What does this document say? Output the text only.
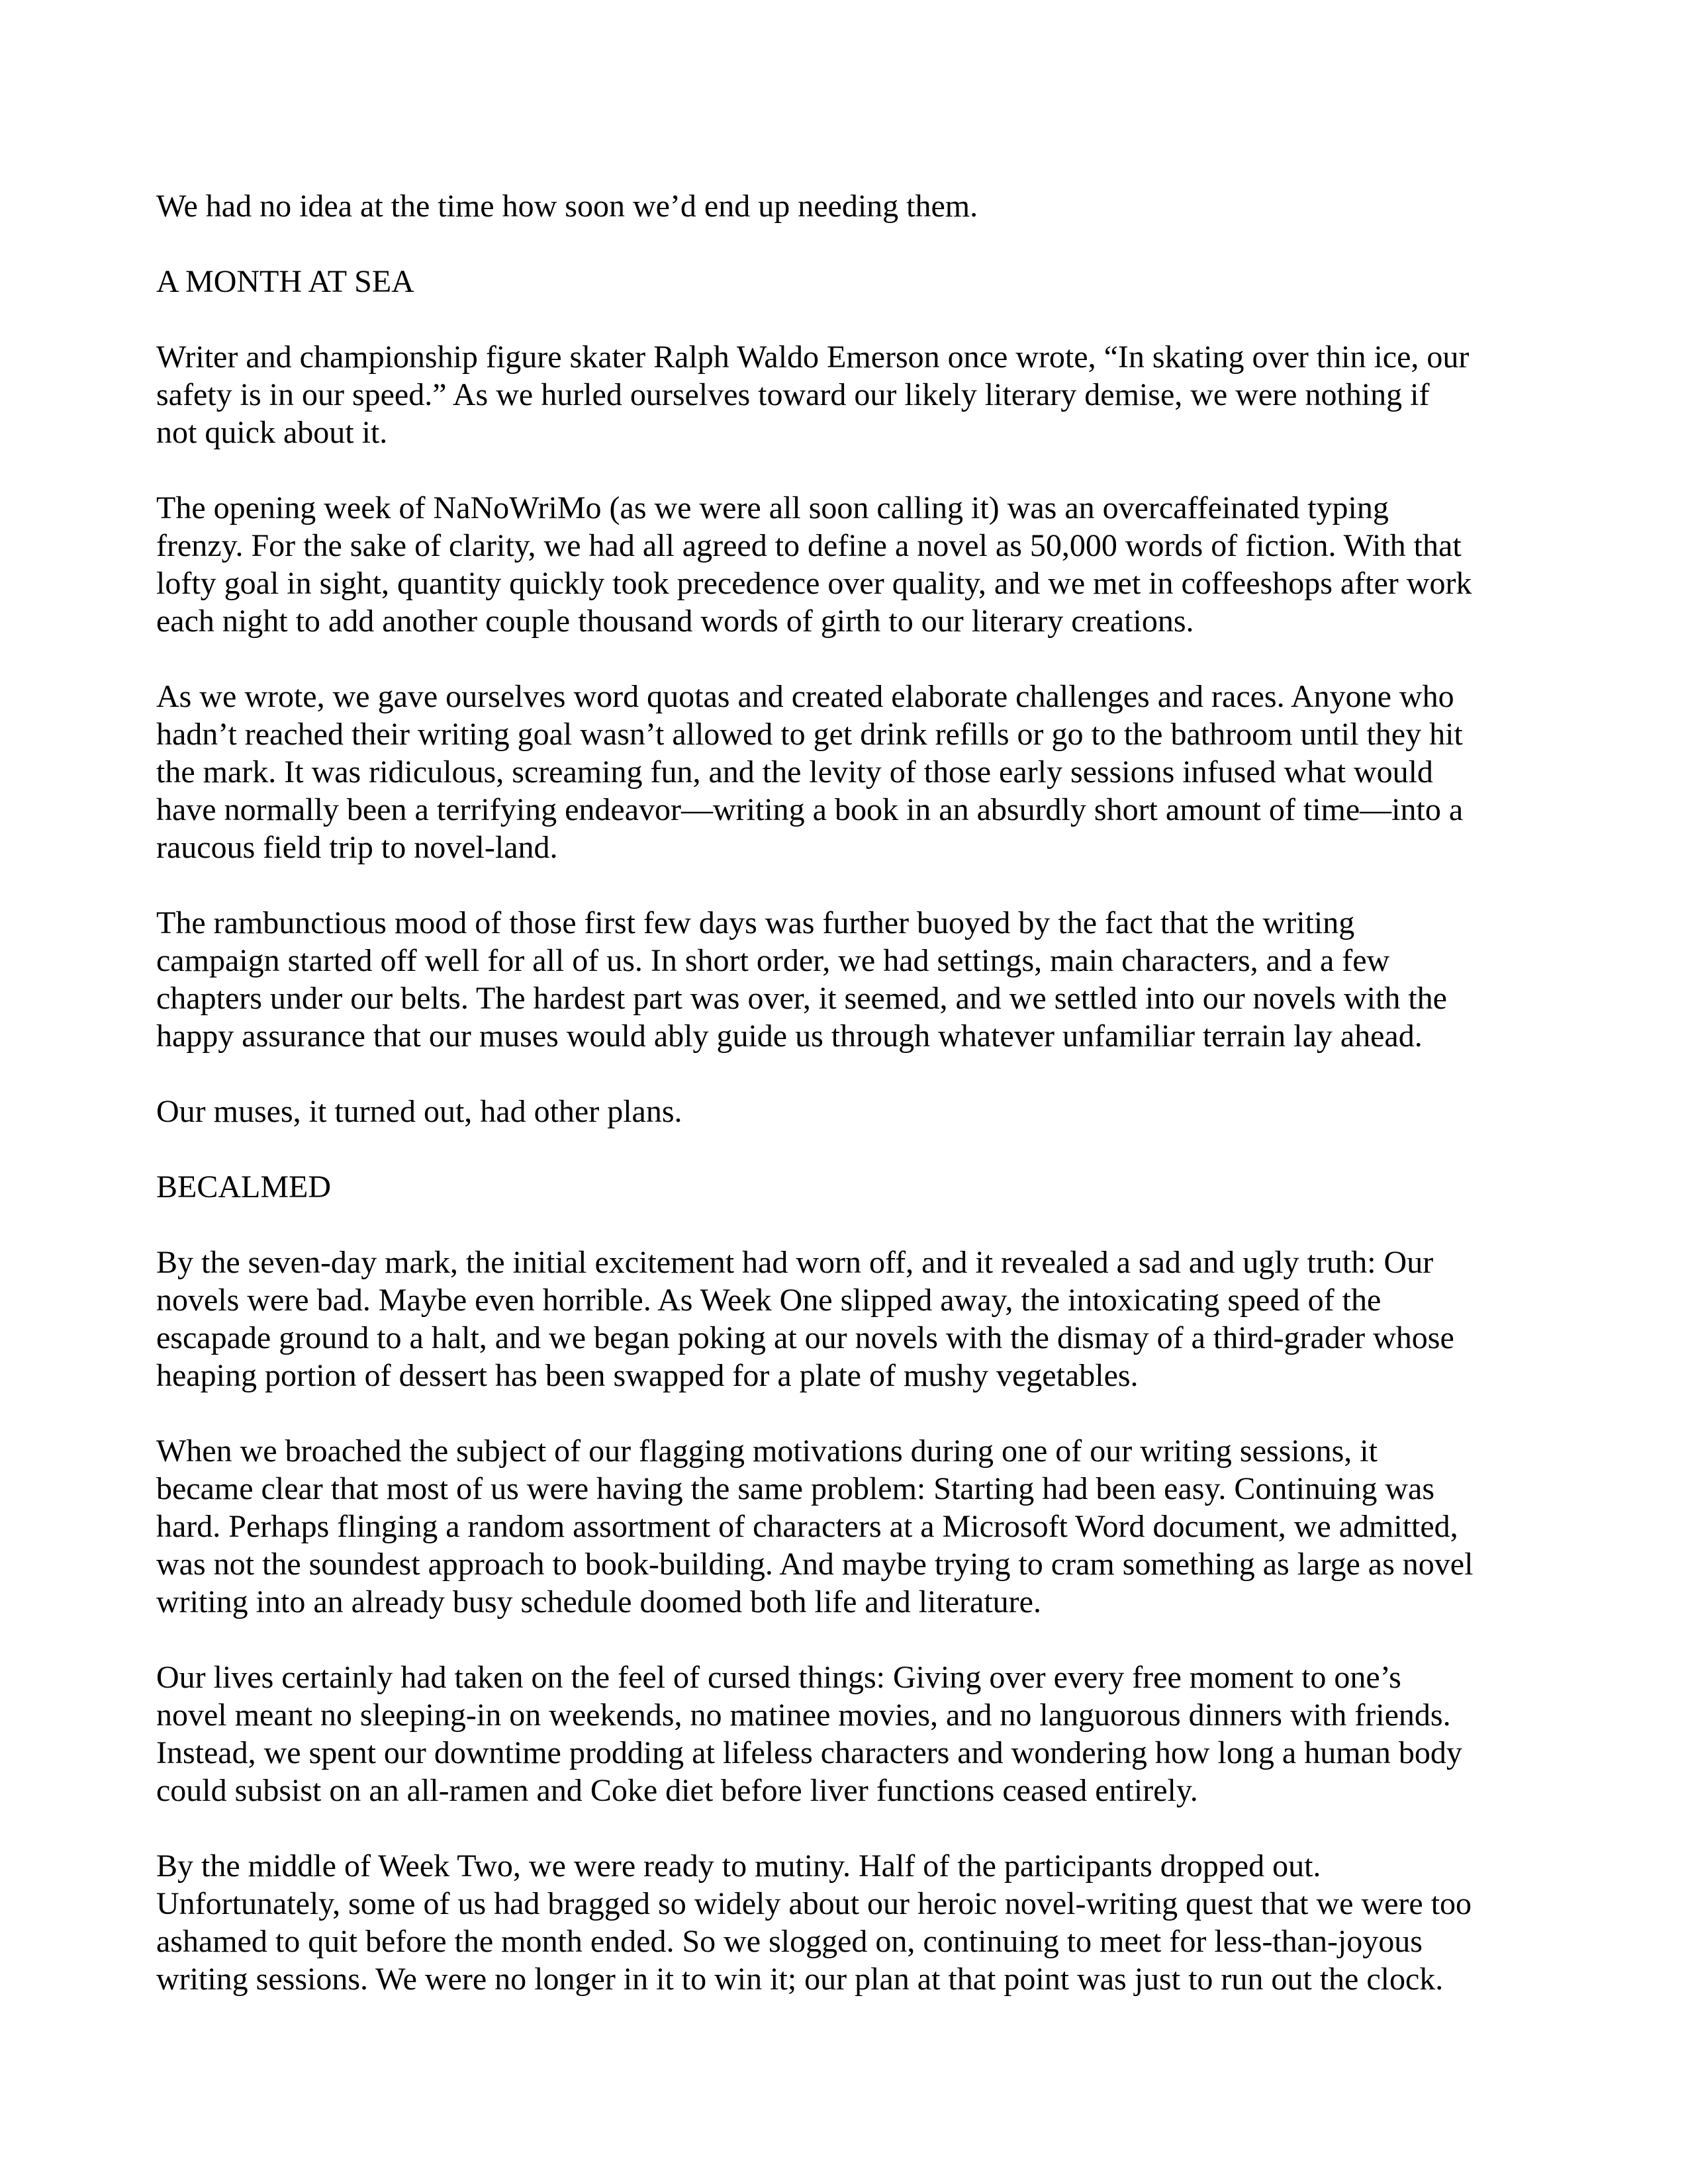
We had no idea at the time how soon we’d end up needing them.

A MONTH AT SEA

Writer and championship figure skater Ralph Waldo Emerson once wrote, “In skating over thin ice, our
safety is in our speed.” As we hurled ourselves toward our likely literary demise, we were nothing if
not quick about it.

The opening week of NaNoWriMo (as we were all soon calling it) was an overcaffeinated typing
frenzy. For the sake of clarity, we had all agreed to define a novel as 50,000 words of fiction. With that
lofty goal in sight, quantity quickly took precedence over quality, and we met in coffeeshops after work
each night to add another couple thousand words of girth to our literary creations.

As we wrote, we gave ourselves word quotas and created elaborate challenges and races. Anyone who
hadn’t reached their writing goal wasn’t allowed to get drink refills or go to the bathroom until they hit
the mark. It was ridiculous, screaming fun, and the levity of those early sessions infused what would
have normally been a terrifying endeavor—writing a book in an absurdly short amount of time—into a
raucous field trip to novel-land.

The rambunctious mood of those first few days was further buoyed by the fact that the writing
campaign started off well for all of us. In short order, we had settings, main characters, and a few
chapters under our belts. The hardest part was over, it seemed, and we settled into our novels with the
happy assurance that our muses would ably guide us through whatever unfamiliar terrain lay ahead.

Our muses, it turned out, had other plans.

BECALMED

By the seven-day mark, the initial excitement had worn off, and it revealed a sad and ugly truth: Our
novels were bad. Maybe even horrible. As Week One slipped away, the intoxicating speed of the
escapade ground to a halt, and we began poking at our novels with the dismay of a third-grader whose
heaping portion of dessert has been swapped for a plate of mushy vegetables.

When we broached the subject of our flagging motivations during one of our writing sessions, it
became clear that most of us were having the same problem: Starting had been easy. Continuing was
hard. Perhaps flinging a random assortment of characters at a Microsoft Word document, we admitted,
was not the soundest approach to book-building. And maybe trying to cram something as large as novel
writing into an already busy schedule doomed both life and literature.

Our lives certainly had taken on the feel of cursed things: Giving over every free moment to one’s
novel meant no sleeping-in on weekends, no matinee movies, and no languorous dinners with friends.
Instead, we spent our downtime prodding at lifeless characters and wondering how long a human body
could subsist on an all-ramen and Coke diet before liver functions ceased entirely.

By the middle of Week Two, we were ready to mutiny. Half of the participants dropped out.
Unfortunately, some of us had bragged so widely about our heroic novel-writing quest that we were too
ashamed to quit before the month ended. So we slogged on, continuing to meet for less-than-joyous
writing sessions. We were no longer in it to win it; our plan at that point was just to run out the clock.
